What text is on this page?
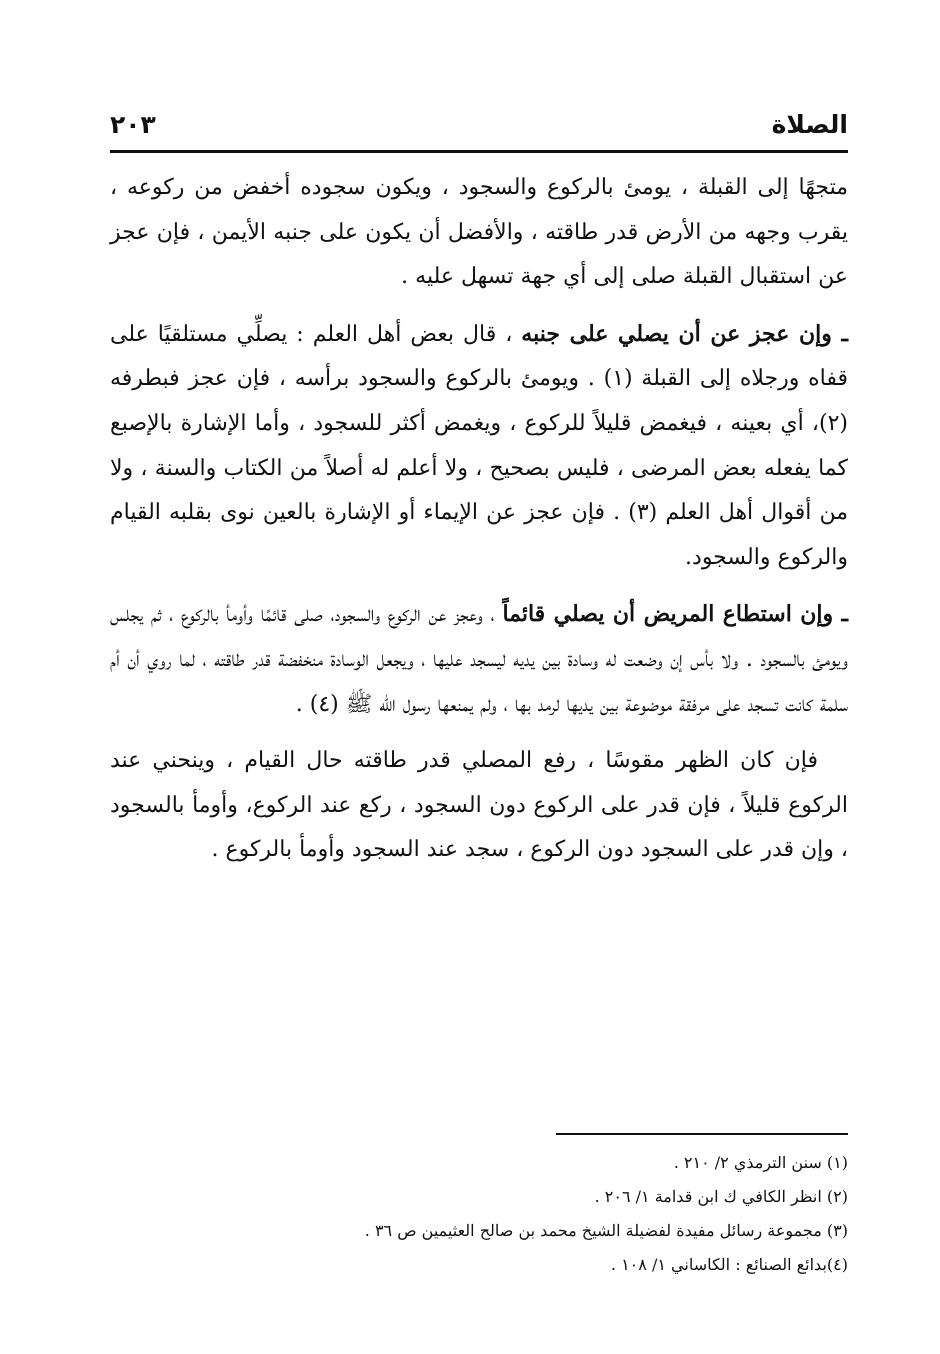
الصلاة
٢٠٣

متجهًا إلى القبلة ، يومئ بالركوع والسجود ، ويكون سجوده أخفض من ركوعه ، يقرب وجهه من الأرض قدر طاقته ، والأفضل أن يكون على جنبه الأيمن ، فإن عجز عن استقبال القبلة صلى إلى أي جهة تسهل عليه .

ـ وإن عجز عن أن يصلي على جنبه ، قال بعض أهل العلم : يصلِّي مستلقيًا على قفاه ورجلاه إلى القبلة (١) . ويومئ بالركوع والسجود برأسه ، فإن عجز فبطرفه (٢)، أي بعينه ، فيغمض قليلاً للركوع ، ويغمض أكثر للسجود ، وأما الإشارة بالإصبع كما يفعله بعض المرضى ، فليس بصحيح ، ولا أعلم له أصلاً من الكتاب والسنة ، ولا من أقوال أهل العلم (٣) . فإن عجز عن الإيماء أو الإشارة بالعين نوى بقلبه القيام والركوع والسجود.

ـ وإن استطاع المريض أن يصلي قائماً ، وعجز عن الركوع والسجود، صلى قائمًا وأومأ بالركوع ، ثم يجلس ويومئ بالسجود . ولا بأس إن وضعت له وسادة بين يديه ليسجد عليها ، ويجعل الوسادة منخفضة قدر طاقته ، لما روي أن أم سلمة كانت تسجد على مرفقة موضوعة بين يديها لرمد بها ، ولم يمنعها رسول الله ﷺ (٤) .

فإن كان الظهر مقوسًا ، رفع المصلي قدر طاقته حال القيام ، وينحني عند الركوع قليلاً ، فإن قدر على الركوع دون السجود ، ركع عند الركوع، وأومأ بالسجود ، وإن قدر على السجود دون الركوع ، سجد عند السجود وأومأ بالركوع .

(١) سنن الترمذي ٢/ ٢١٠ .
(٢) انظر الكافي ك ابن قدامة ١/ ٢٠٦ .
(٣) مجموعة رسائل مفيدة لفضيلة الشيخ محمد بن صالح العثيمين ص ٣٦ .
(٤)بدائع الصنائع : الكاساني ١/ ١٠٨ .
